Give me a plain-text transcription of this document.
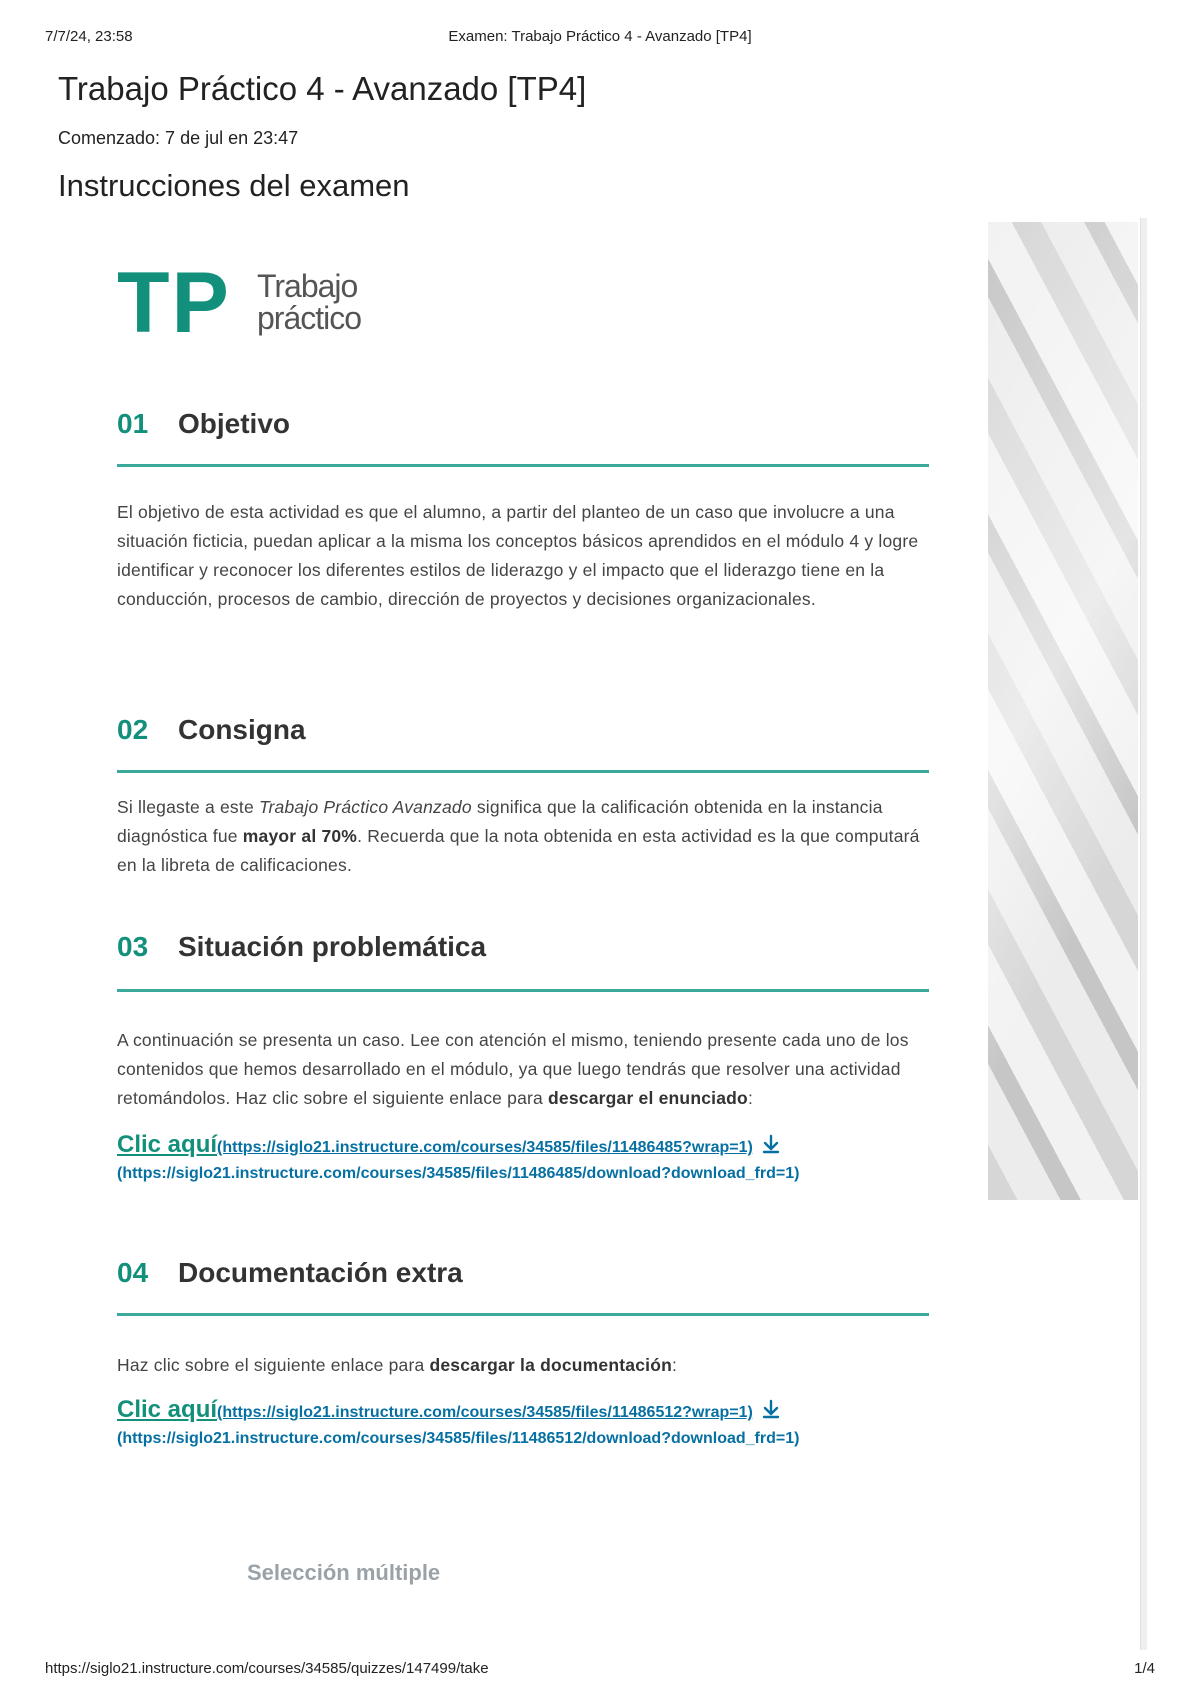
7/7/24, 23:58	Examen: Trabajo Práctico 4 - Avanzado [TP4]
Trabajo Práctico 4 - Avanzado [TP4]
Comenzado: 7 de jul en 23:47
Instrucciones del examen
TP Trabajo
práctico
01 Objetivo
El objetivo de esta actividad es que el alumno, a partir del planteo de un caso que involucre a una situación ficticia, puedan aplicar a la misma los conceptos básicos aprendidos en el módulo 4 y logre identificar y reconocer los diferentes estilos de liderazgo y el impacto que el liderazgo tiene en la conducción, procesos de cambio, dirección de proyectos y decisiones organizacionales.
02 Consigna
Si llegaste a este Trabajo Práctico Avanzado significa que la calificación obtenida en la instancia diagnóstica fue mayor al 70%. Recuerda que la nota obtenida en esta actividad es la que computará en la libreta de calificaciones.
03 Situación problemática
A continuación se presenta un caso. Lee con atención el mismo, teniendo presente cada uno de los contenidos que hemos desarrollado en el módulo, ya que luego tendrás que resolver una actividad retomándolos. Haz clic sobre el siguiente enlace para descargar el enunciado:
Clic aquí(https://siglo21.instructure.com/courses/34585/files/11486485?wrap=1)
(https://siglo21.instructure.com/courses/34585/files/11486485/download?download_frd=1)
04 Documentación extra
Haz clic sobre el siguiente enlace para descargar la documentación:
Clic aquí(https://siglo21.instructure.com/courses/34585/files/11486512?wrap=1)
(https://siglo21.instructure.com/courses/34585/files/11486512/download?download_frd=1)
Selección múltiple
https://siglo21.instructure.com/courses/34585/quizzes/147499/take	1/4
